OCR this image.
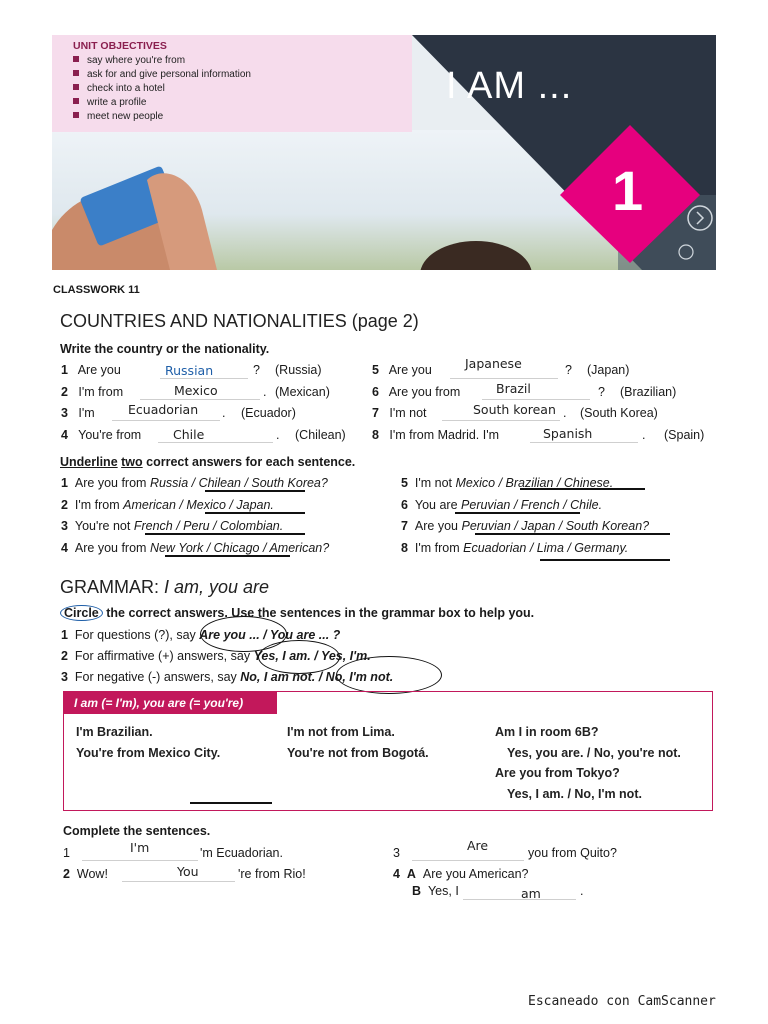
UNIT OBJECTIVES
say where you're from
ask for and give personal information
check into a hotel
write a profile
meet new people
I AM ...
1
CLASSWORK 11
COUNTRIES AND NATIONALITIES (page 2)
Write the country or the nationality.
1 Are you	Russian	? (Russia)
2 I'm from	Mexico	. (Mexican)
3 I'm	Ecuadorian . (Ecuador)
4 You're from	Chile	. (Chilean)
5 Are you	Japanese	? (Japan)
6 Are you from	Brazil	? (Brazilian)
7 I'm not	South korean . (South Korea)
8 I'm from Madrid. I'm	Spanish	. (Spain)
Underline two correct answers for each sentence.
1 Are you from Russia / Chilean / South Korea?
2 I'm from American / Mexico / Japan.
3 You're not French / Peru / Colombian.
4 Are you from New York / Chicago / American?
5 I'm not Mexico / Brazilian / Chinese.
6 You are Peruvian / French / Chile.
7 Are you Peruvian / Japan / South Korean?
8 I'm from Ecuadorian / Lima / Germany.
GRAMMAR: I am, you are
Circle the correct answers. Use the sentences in the grammar box to help you.
1 For questions (?), say Are you ... / You are ... ?
2 For affirmative (+) answers, say Yes, I am. / Yes, I'm.
3 For negative (-) answers, say No, I am not. / No, I'm not.
I am (= I'm), you are (= you're)
I'm Brazilian.
You're from Mexico City.
I'm not from Lima.
You're not from Bogotá.
Am I in room 6B?
Yes, you are. / No, you're not.
Are you from Tokyo?
Yes, I am. / No, I'm not.
Complete the sentences.
1	I'm	'm Ecuadorian.
2 Wow!	You	're from Rio!
3	Are	you from Quito?
4 A Are you American?
B Yes, I	am	.
Escaneado con CamScanner
